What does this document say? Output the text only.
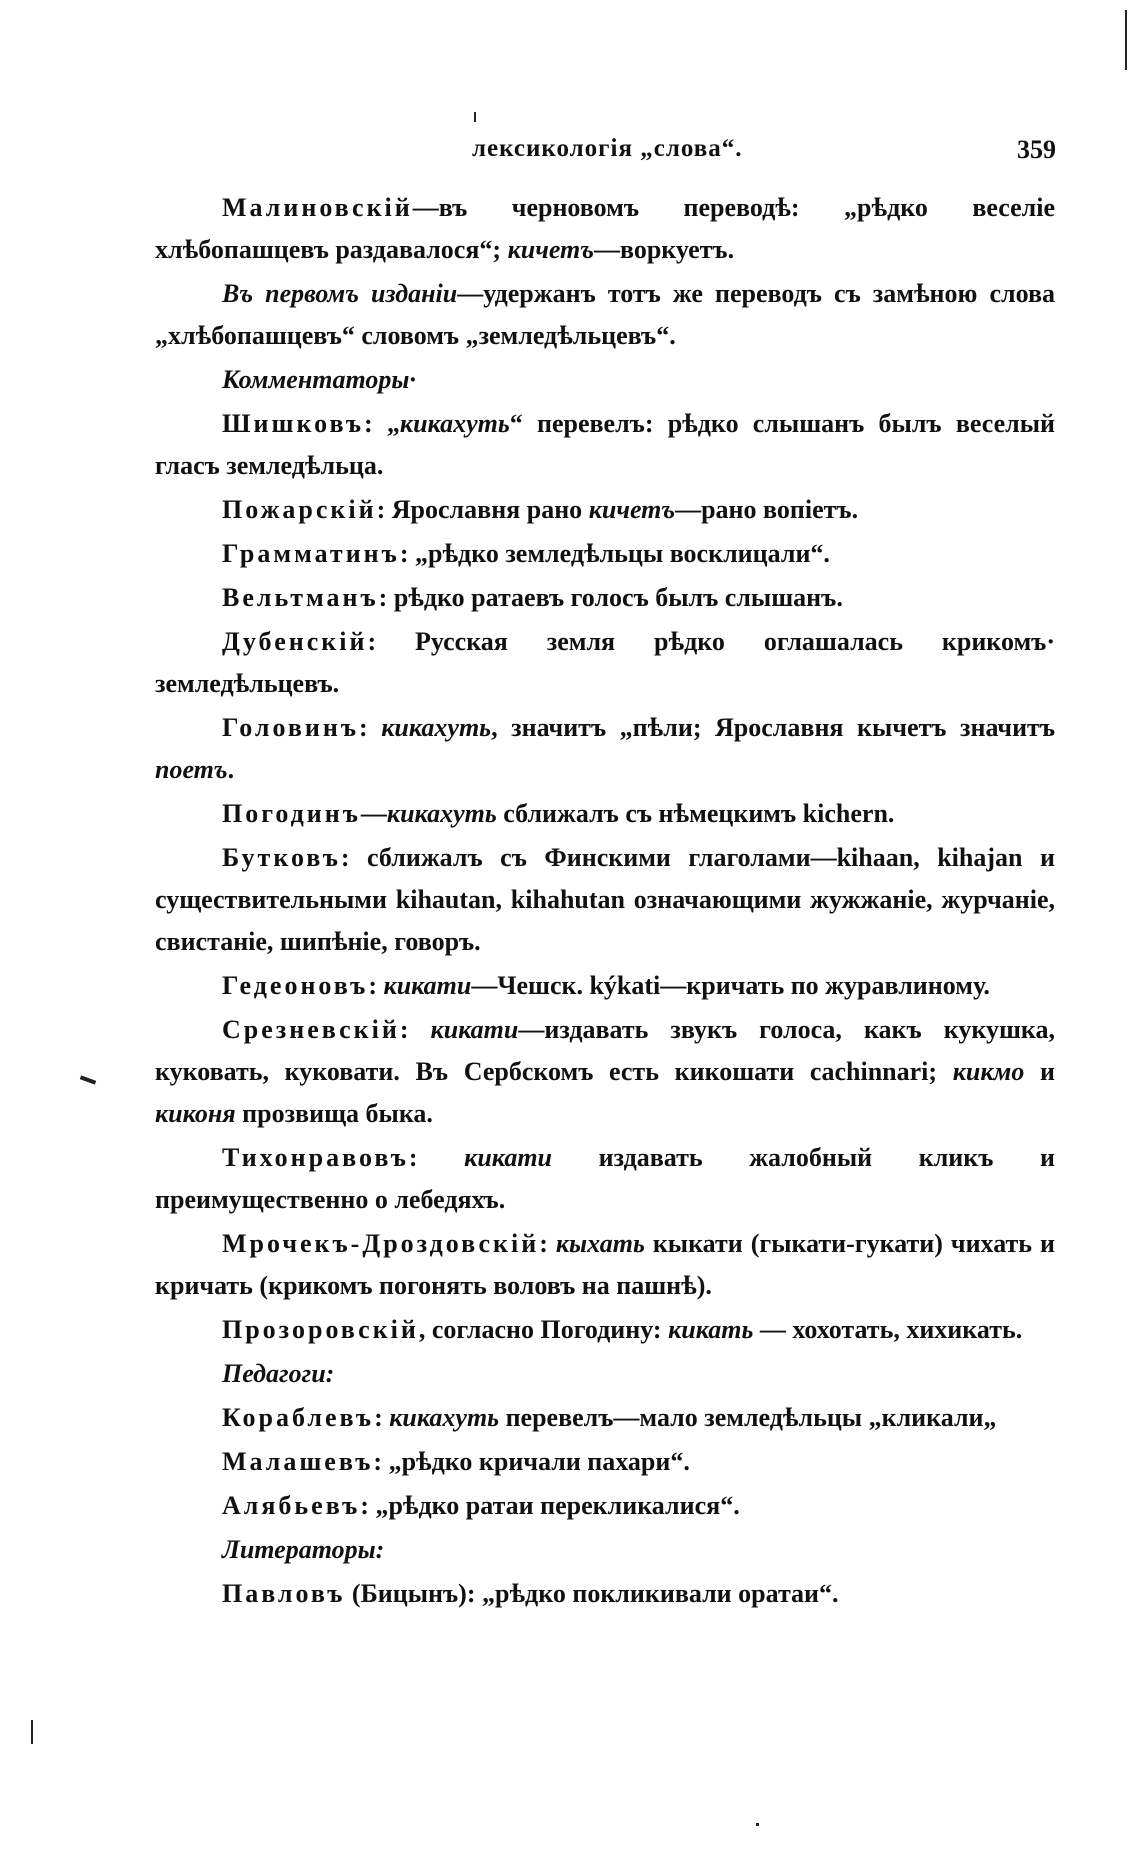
лексикологія „слова“.	359

Малиновскій—въ черновомъ переводѣ: „рѣдко веселіе хлѣбопашцевъ раздавалося“; кичетъ—воркуетъ.

Въ первомъ изданіи—удержанъ тотъ же переводъ съ замѣною слова „хлѣбопашцевъ“ словомъ „земледѣльцевъ“.

Комментаторы·

Шишковъ: „кикахуть“ перевелъ: рѣдко слышанъ былъ веселый гласъ земледѣльца.

Пожарскій: Ярославня рано кичетъ—рано вопіетъ.

Грамматинъ: „рѣдко земледѣльцы восклицали“.

Вельтманъ: рѣдко ратаевъ голосъ былъ слышанъ.

Дубенскій: Русская земля рѣдко оглашалась крикомъ· земледѣльцевъ.

Головинъ: кикахуть, значитъ „пѣли; Ярославня кычетъ значитъ поетъ.

Погодинъ—кикахуть сближалъ съ нѣмецкимъ kichern.

Бутковъ: сближалъ съ Финскими глаголами—kihaan, kihajan и существительными kihautan, kihahutan означающими жужжаніе, журчаніе, свистаніе, шипѣніе, говоръ.

Гедеоновъ: кикати—Чешск. kýkati—кричать по журавлиному.

Срезневскій: кикати—издавать звукъ голоса, какъ кукушка, куковать, куковати. Въ Сербскомъ есть кикошати cachinnari; кикмо и киконя прозвища быка.

Тихонравовъ: кикати издавать жалобный кликъ и преимущественно о лебедяхъ.

Мрочекъ-Дроздовскій: кыхать кыкати (гыкати-гукати) чихать и кричать (крикомъ погонять воловъ на пашнѣ).

Прозоровскій, согласно Погодину: кикать — хохотать, хихикать.

Педагоги:

Кораблевъ: кикахуть перевелъ—мало земледѣльцы „кликали„

Малашевъ: „рѣдко кричали пахари“.

Алябьевъ: „рѣдко ратаи перекликалися“.

Литераторы:

Павловъ (Бицынъ): „рѣдко покликивали оратаи“.
